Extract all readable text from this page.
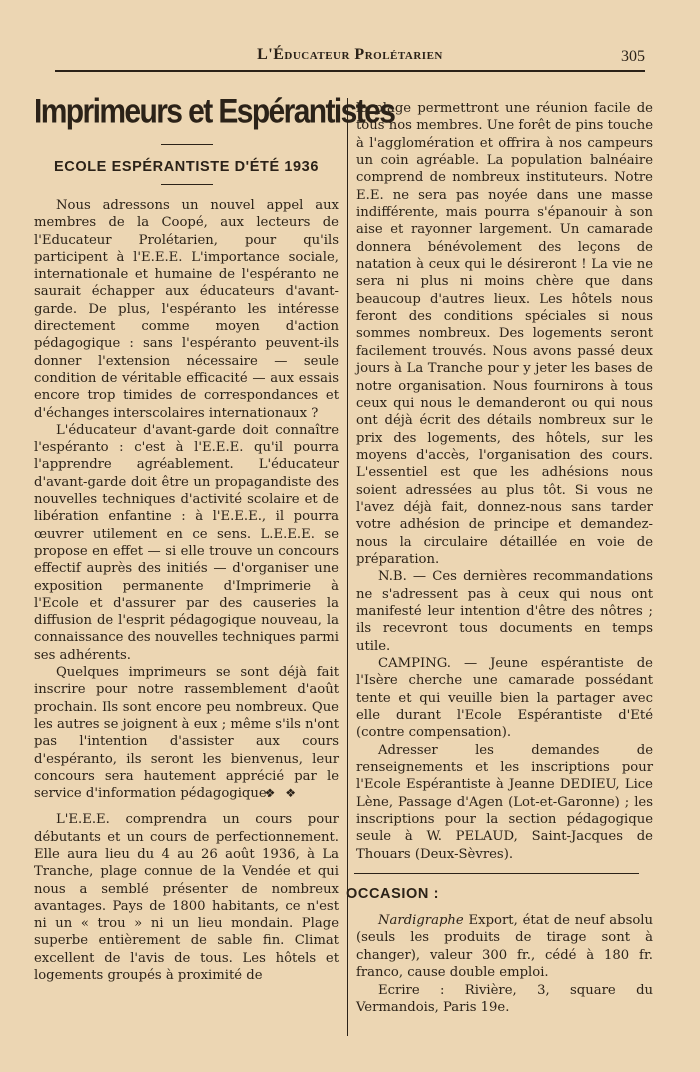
L'Éducateur Prolétarien	305
Imprimeurs et Espérantistes
ECOLE ESPÉRANTISTE D'ÉTÉ 1936

Nous adressons un nouvel appel aux membres de la Coopé, aux lecteurs de l'Educateur Prolétarien, pour qu'ils participent à l'E.E.E. L'importance sociale, internationale et humaine de l'espéranto ne saurait échapper aux éducateurs d'avant-garde. De plus, l'espéranto les intéresse directement comme moyen d'action pédagogique : sans l'espéranto peuvent-ils donner l'extension nécessaire — seule condition de véritable efficacité — aux essais encore trop timides de correspondances et d'échanges interscolaires internationaux ?

L'éducateur d'avant-garde doit connaître l'espéranto : c'est à l'E.E.E. qu'il pourra l'apprendre agréablement. L'éducateur d'avant-garde doit être un propagandiste des nouvelles techniques d'activité scolaire et de libération enfantine : à l'E.E.E., il pourra œuvrer utilement en ce sens. L.E.E.E. se propose en effet — si elle trouve un concours effectif auprès des initiés — d'organiser une exposition permanente d'Imprimerie à l'Ecole et d'assurer par des causeries la diffusion de l'esprit pédagogique nouveau, la connaissance des nouvelles techniques parmi ses adhérents.

Quelques imprimeurs se sont déjà fait inscrire pour notre rassemblement d'août prochain. Ils sont encore peu nombreux. Que les autres se joignent à eux ; même s'ils n'ont pas l'intention d'assister aux cours d'espéranto, ils seront les bienvenus, leur concours sera hautement apprécié par le service d'information pédagogique.

❖ ❖

L'E.E.E. comprendra un cours pour débutants et un cours de perfectionnement. Elle aura lieu du 4 au 26 août 1936, à La Tranche, plage connue de la Vendée et qui nous a semblé présenter de nombreux avantages. Pays de 1800 habitants, ce n'est ni un « trou » ni un lieu mondain. Plage superbe entièrement de sable fin. Climat excellent de l'avis de tous. Les hôtels et logements groupés à proximité de

la plage permettront une réunion facile de tous nos membres. Une forêt de pins touche à l'agglomération et offrira à nos campeurs un coin agréable. La population balnéaire comprend de nombreux instituteurs. Notre E.E. ne sera pas noyée dans une masse indifférente, mais pourra s'épanouir à son aise et rayonner largement. Un camarade donnera bénévolement des leçons de natation à ceux qui le désireront ! La vie ne sera ni plus ni moins chère que dans beaucoup d'autres lieux. Les hôtels nous feront des conditions spéciales si nous sommes nombreux. Des logements seront facilement trouvés. Nous avons passé deux jours à La Tranche pour y jeter les bases de notre organisation. Nous fournirons à tous ceux qui nous le demanderont ou qui nous ont déjà écrit des détails nombreux sur le prix des logements, des hôtels, sur les moyens d'accès, l'organisation des cours. L'essentiel est que les adhésions nous soient adressées au plus tôt. Si vous ne l'avez déjà fait, donnez-nous sans tarder votre adhésion de principe et demandez-nous la circulaire détaillée en voie de préparation.

N.B. — Ces dernières recommandations ne s'adressent pas à ceux qui nous ont manifesté leur intention d'être des nôtres ; ils recevront tous documents en temps utile.

CAMPING. — Jeune espérantiste de l'Isère cherche une camarade possédant tente et qui veuille bien la partager avec elle durant l'Ecole Espérantiste d'Eté (contre compensation).

Adresser les demandes de renseignements et les inscriptions pour l'Ecole Espérantiste à Jeanne DEDIEU, Lice Lène, Passage d'Agen (Lot-et-Garonne) ; les inscriptions pour la section pédagogique seule à W. PELAUD, Saint-Jacques de Thouars (Deux-Sèvres).

OCCASION :

Nardigraphe Export, état de neuf absolu (seuls les produits de tirage sont à changer), valeur 300 fr., cédé à 180 fr. franco, cause double emploi.

Ecrire : Rivière, 3, square du Vermandois, Paris 19e.
